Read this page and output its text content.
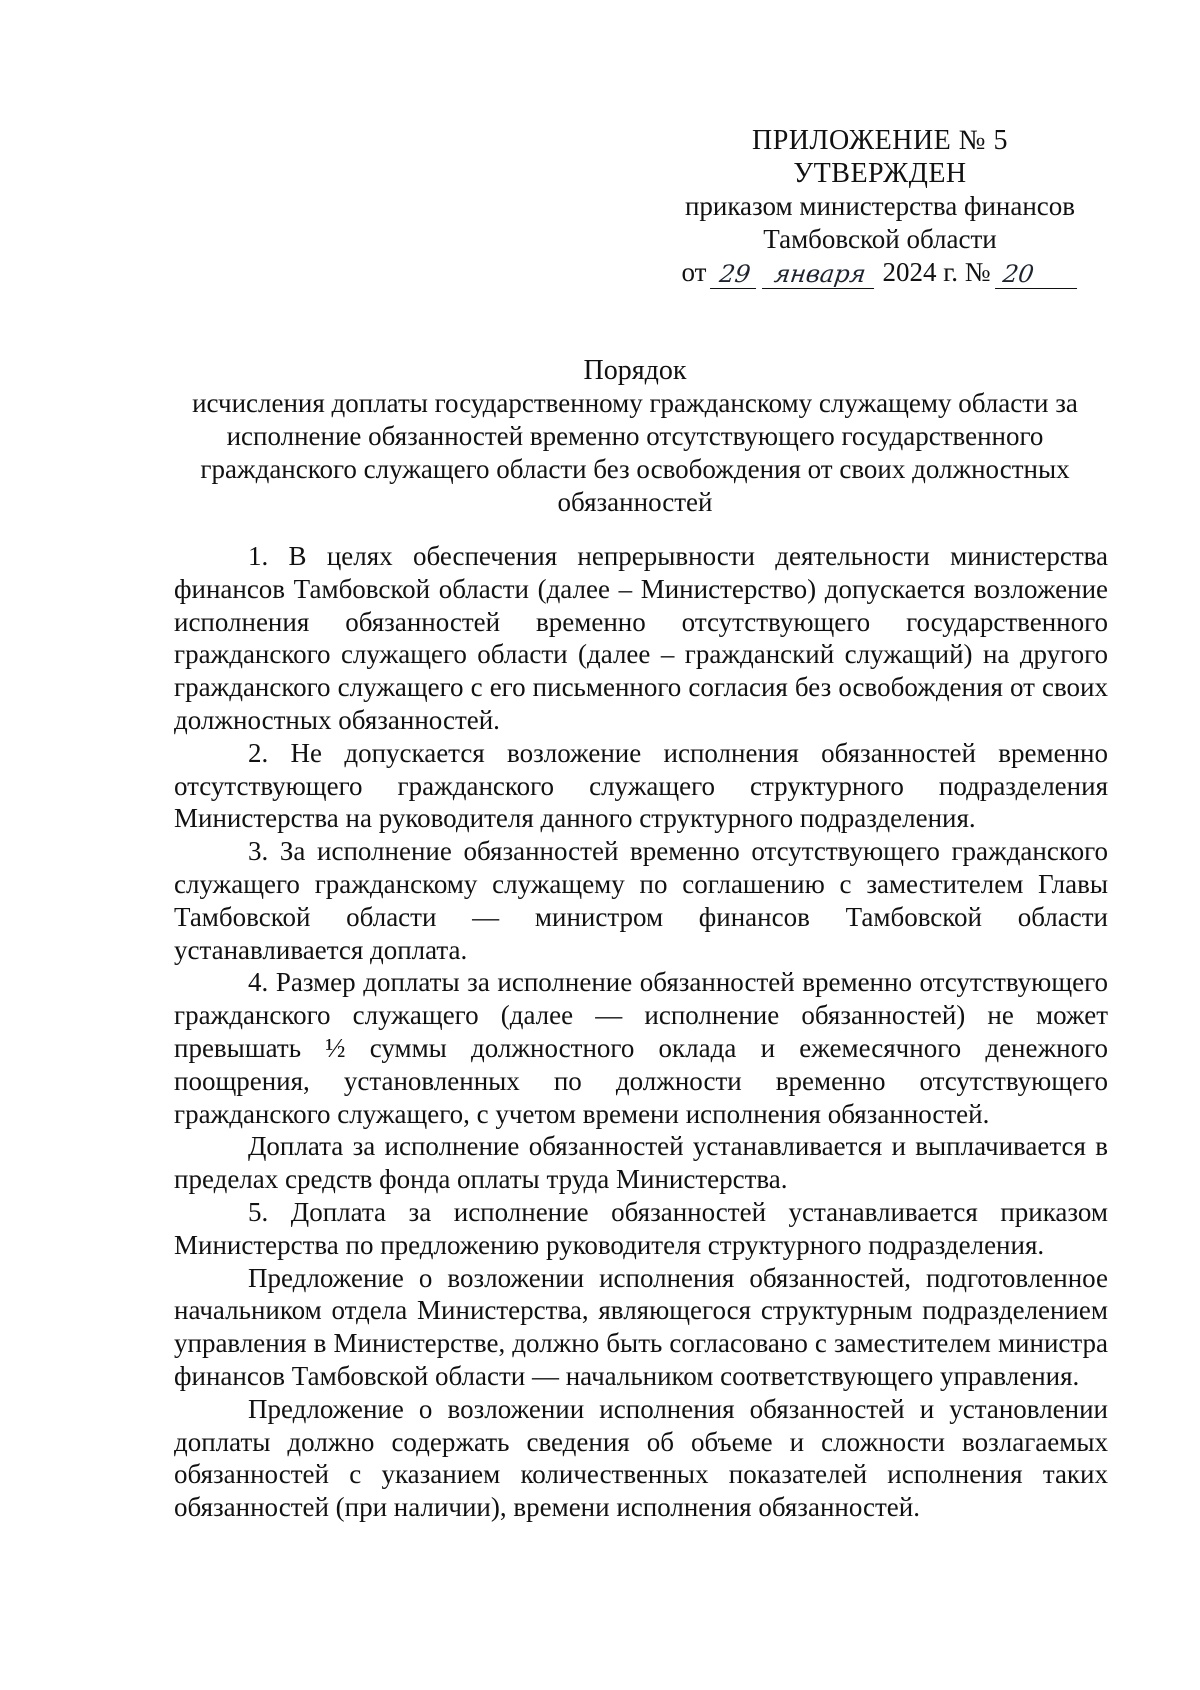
ПРИЛОЖЕНИЕ № 5
УТВЕРЖДЕН
приказом министерства финансов
Тамбовской области
от 29 января 2024 г. № 20
Порядок
исчисления доплаты государственному гражданскому служащему области за исполнение обязанностей временно отсутствующего государственного гражданского служащего области без освобождения от своих должностных обязанностей

1. В целях обеспечения непрерывности деятельности министерства финансов Тамбовской области (далее – Министерство) допускается возложение исполнения обязанностей временно отсутствующего государственного гражданского служащего области (далее – гражданский служащий) на другого гражданского служащего с его письменного согласия без освобождения от своих должностных обязанностей.

2. Не допускается возложение исполнения обязанностей временно отсутствующего гражданского служащего структурного подразделения Министерства на руководителя данного структурного подразделения.

3. За исполнение обязанностей временно отсутствующего гражданского служащего гражданскому служащему по соглашению с заместителем Главы Тамбовской области — министром финансов Тамбовской области устанавливается доплата.

4. Размер доплаты за исполнение обязанностей временно отсутствующего гражданского служащего (далее — исполнение обязанностей) не может превышать ½ суммы должностного оклада и ежемесячного денежного поощрения, установленных по должности временно отсутствующего гражданского служащего, с учетом времени исполнения обязанностей.

Доплата за исполнение обязанностей устанавливается и выплачивается в пределах средств фонда оплаты труда Министерства.

5. Доплата за исполнение обязанностей устанавливается приказом Министерства по предложению руководителя структурного подразделения.

Предложение о возложении исполнения обязанностей, подготовленное начальником отдела Министерства, являющегося структурным подразделением управления в Министерстве, должно быть согласовано с заместителем министра финансов Тамбовской области — начальником соответствующего управления.

Предложение о возложении исполнения обязанностей и установлении доплаты должно содержать сведения об объеме и сложности возлагаемых обязанностей с указанием количественных показателей исполнения таких обязанностей (при наличии), времени исполнения обязанностей.
